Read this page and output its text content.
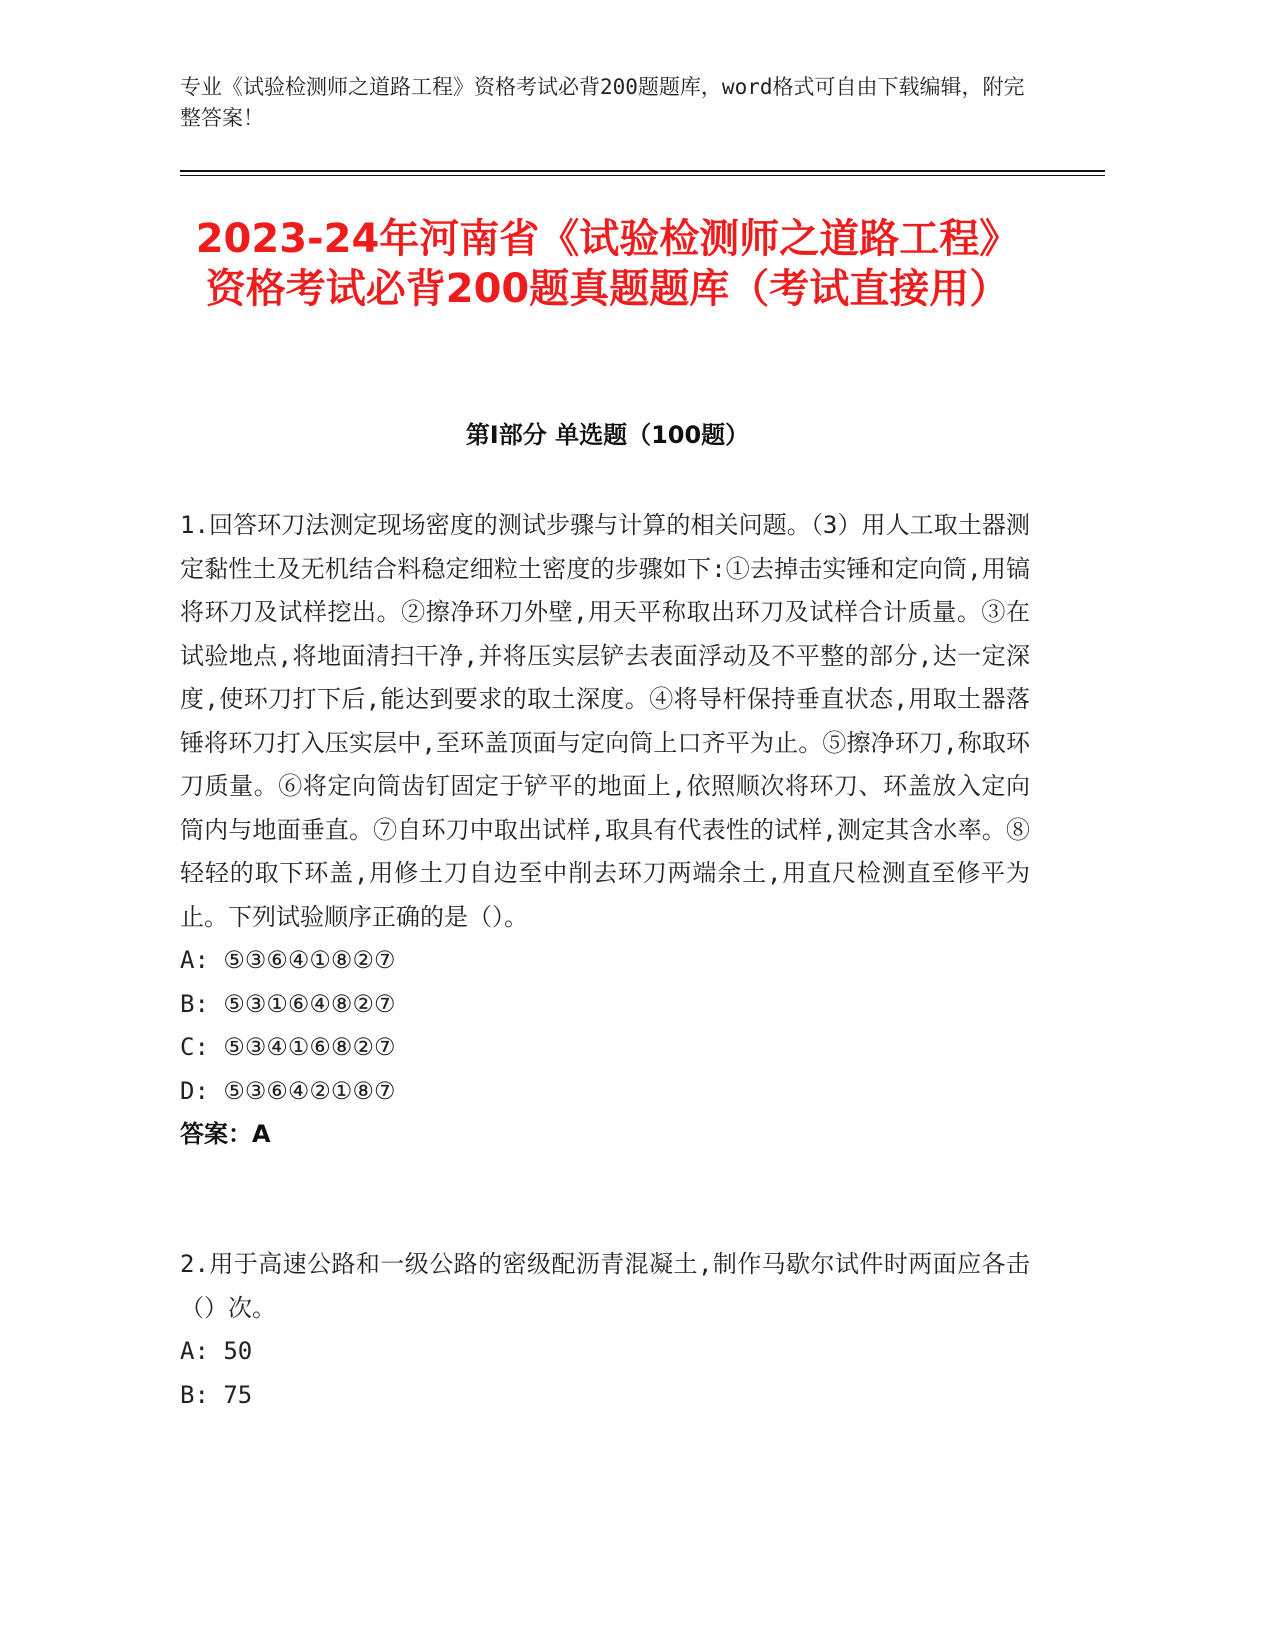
专业《试验检测师之道路工程》资格考试必背200题题库，word格式可自由下载编辑，附完整答案！
2023-24年河南省《试验检测师之道路工程》资格考试必背200题真题题库（考试直接用）
第I部分 单选题（100题）

1.回答环刀法测定现场密度的测试步骤与计算的相关问题。（3）用人工取土器测定黏性土及无机结合料稳定细粒土密度的步骤如下:①去掉击实锤和定向筒,用镐将环刀及试样挖出。②擦净环刀外壁,用天平称取出环刀及试样合计质量。③在试验地点,将地面清扫干净,并将压实层铲去表面浮动及不平整的部分,达一定深度,使环刀打下后,能达到要求的取土深度。④将导杆保持垂直状态,用取土器落锤将环刀打入压实层中,至环盖顶面与定向筒上口齐平为止。⑤擦净环刀,称取环刀质量。⑥将定向筒齿钉固定于铲平的地面上,依照顺次将环刀、环盖放入定向筒内与地面垂直。⑦自环刀中取出试样,取具有代表性的试样,测定其含水率。⑧轻轻的取下环盖,用修土刀自边至中削去环刀两端余土,用直尺检测直至修平为止。下列试验顺序正确的是（）。

A: ⑤③⑥④①⑧②⑦

B: ⑤③①⑥④⑧②⑦

C: ⑤③④①⑥⑧②⑦

D: ⑤③⑥④②①⑧⑦

答案：A

2.用于高速公路和一级公路的密级配沥青混凝土,制作马歇尔试件时两面应各击（）次。

A: 50

B: 75
